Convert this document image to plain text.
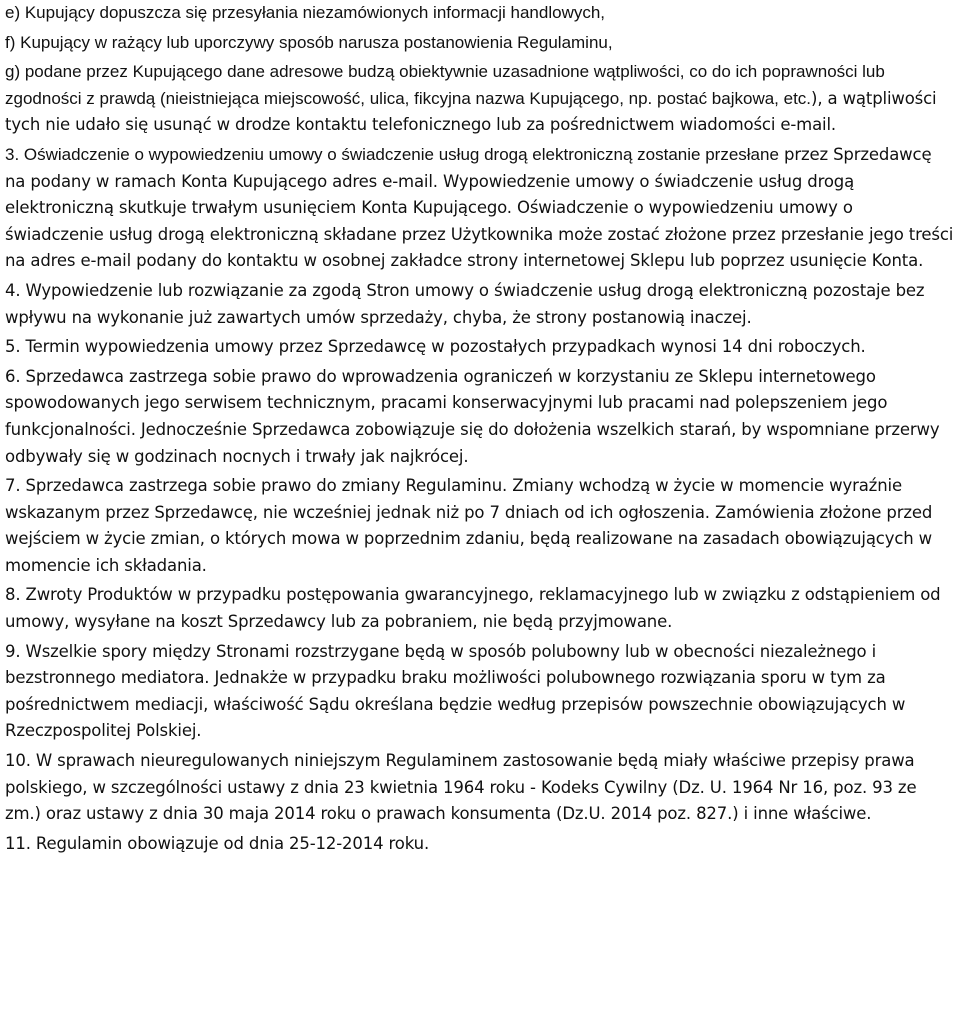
e) Kupujący dopuszcza się przesyłania niezamówionych informacji handlowych,

f) Kupujący w rażący lub uporczywy sposób narusza postanowienia Regulaminu,

g) podane przez Kupującego dane adresowe budzą obiektywnie uzasadnione wątpliwości, co do ich poprawności lub zgodności z prawdą (nieistniejąca miejscowość, ulica, fikcyjna nazwa Kupującego, np. postać bajkowa, etc.), a wątpliwości tych nie udało się usunąć w drodze kontaktu telefonicznego lub za pośrednictwem wiadomości e-mail.

3. Oświadczenie o wypowiedzeniu umowy o świadczenie usług drogą elektroniczną zostanie przesłane przez Sprzedawcę na podany w ramach Konta Kupującego adres e-mail. Wypowiedzenie umowy o świadczenie usług drogą elektroniczną skutkuje trwałym usunięciem Konta Kupującego. Oświadczenie o wypowiedzeniu umowy o świadczenie usług drogą elektroniczną składane przez Użytkownika może zostać złożone przez przesłanie jego treści na adres e-mail podany do kontaktu w osobnej zakładce strony internetowej Sklepu lub poprzez usunięcie Konta.

4. Wypowiedzenie lub rozwiązanie za zgodą Stron umowy o świadczenie usług drogą elektroniczną pozostaje bez wpływu na wykonanie już zawartych umów sprzedaży, chyba, że strony postanowią inaczej.

5. Termin wypowiedzenia umowy przez Sprzedawcę w pozostałych przypadkach wynosi 14 dni roboczych.

6. Sprzedawca zastrzega sobie prawo do wprowadzenia ograniczeń w korzystaniu ze Sklepu internetowego spowodowanych jego serwisem technicznym, pracami konserwacyjnymi lub pracami nad polepszeniem jego funkcjonalności. Jednocześnie Sprzedawca zobowiązuje się do dołożenia wszelkich starań, by wspomniane przerwy odbywały się w godzinach nocnych i trwały jak najkrócej.

7. Sprzedawca zastrzega sobie prawo do zmiany Regulaminu. Zmiany wchodzą w życie w momencie wyraźnie wskazanym przez Sprzedawcę, nie wcześniej jednak niż po 7 dniach od ich ogłoszenia. Zamówienia złożone przed wejściem w życie zmian, o których mowa w poprzednim zdaniu, będą realizowane na zasadach obowiązujących w momencie ich składania.

8. Zwroty Produktów w przypadku postępowania gwarancyjnego, reklamacyjnego lub w związku z odstąpieniem od umowy, wysyłane na koszt Sprzedawcy lub za pobraniem, nie będą przyjmowane.

9. Wszelkie spory między Stronami rozstrzygane będą w sposób polubowny lub w obecności niezależnego i bezstronnego mediatora. Jednakże w przypadku braku możliwości polubownego rozwiązania sporu w tym za pośrednictwem mediacji, właściwość Sądu określana będzie według przepisów powszechnie obowiązujących w Rzeczpospolitej Polskiej.

10. W sprawach nieuregulowanych niniejszym Regulaminem zastosowanie będą miały właściwe przepisy prawa polskiego, w szczególności ustawy z dnia 23 kwietnia 1964 roku - Kodeks Cywilny (Dz. U. 1964 Nr 16, poz. 93 ze zm.) oraz ustawy z dnia 30 maja 2014 roku o prawach konsumenta (Dz.U. 2014 poz. 827.) i inne właściwe.

11. Regulamin obowiązuje od dnia 25-12-2014 roku.
